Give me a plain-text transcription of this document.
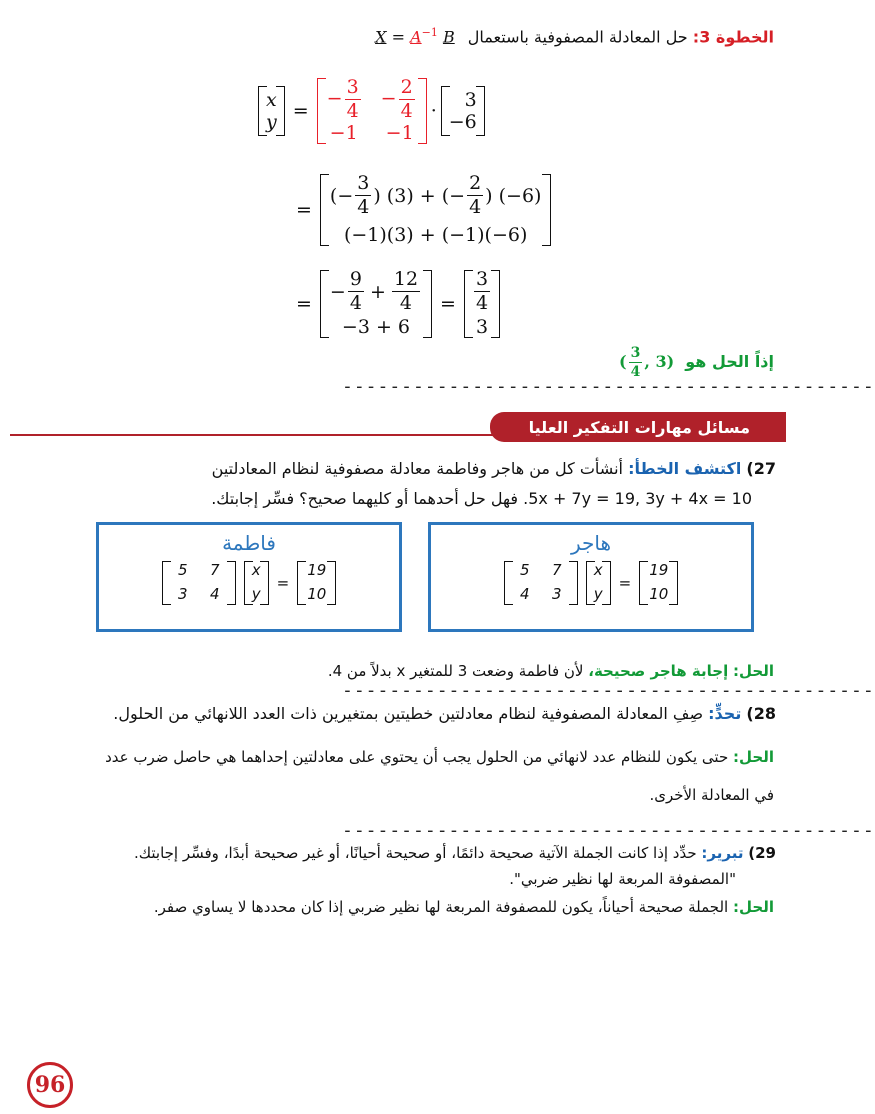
الخطوة 3: حل المعادلة المصفوفية باستعمال $X = A^{-1}$ B
x
y =
− $\frac{3}{4} - \frac{2}{4}$
−1 −1
· 3
−6
=
(− $\frac{3}{4}$ ) (3) + (− $\frac{2}{4}$ ) (−6)
(−1)(3) + (−1)(−6)
=
− $\frac{9}{4} + \frac{12}{4}$
−3 + 6
= $\frac{3}{4}$
3
إذاً الحل هو ( $\frac{3}{4}$ , 3)
---------------------------------------------
مسائل مهارات التفكير العليا
27) اكتشف الخطأ: أنشأت كل من هاجر وفاطمة معادلة مصفوفية لنظام المعادلتين
5x + 7y = 19, 3y + 4x = 10. فهل حل أحدهما أو كليهما صحيح؟ فسِّر إجابتك.
فاطمة
5	7
3	4
x
y
=
19
10
هاجر
5	7
4	3
x
y
=
19
10
الحل: إجابة هاجر صحيحة، لأن فاطمة وضعت 3 للمتغير x بدلاً من 4.
---------------------------------------------
28) تحدٍّ: صِفِ المعادلة المصفوفية لنظام معادلتين خطيتين بمتغيرين ذات العدد اللانهائي من الحلول.
الحل: حتى يكون للنظام عدد لانهائي من الحلول يجب أن يحتوي على معادلتين إحداهما هي حاصل ضرب عدد
في المعادلة الأخرى.
---------------------------------------------
29) تبرير: حدِّد إذا كانت الجملة الآتية صحيحة دائمًا، أو صحيحة أحيانًا، أو غير صحيحة أبدًا، وفسِّر إجابتك.
"المصفوفة المربعة لها نظير ضربي".
الحل: الجملة صحيحة أحياناً، يكون للمصفوفة المربعة لها نظير ضربي إذا كان محددها لا يساوي صفر.
96
